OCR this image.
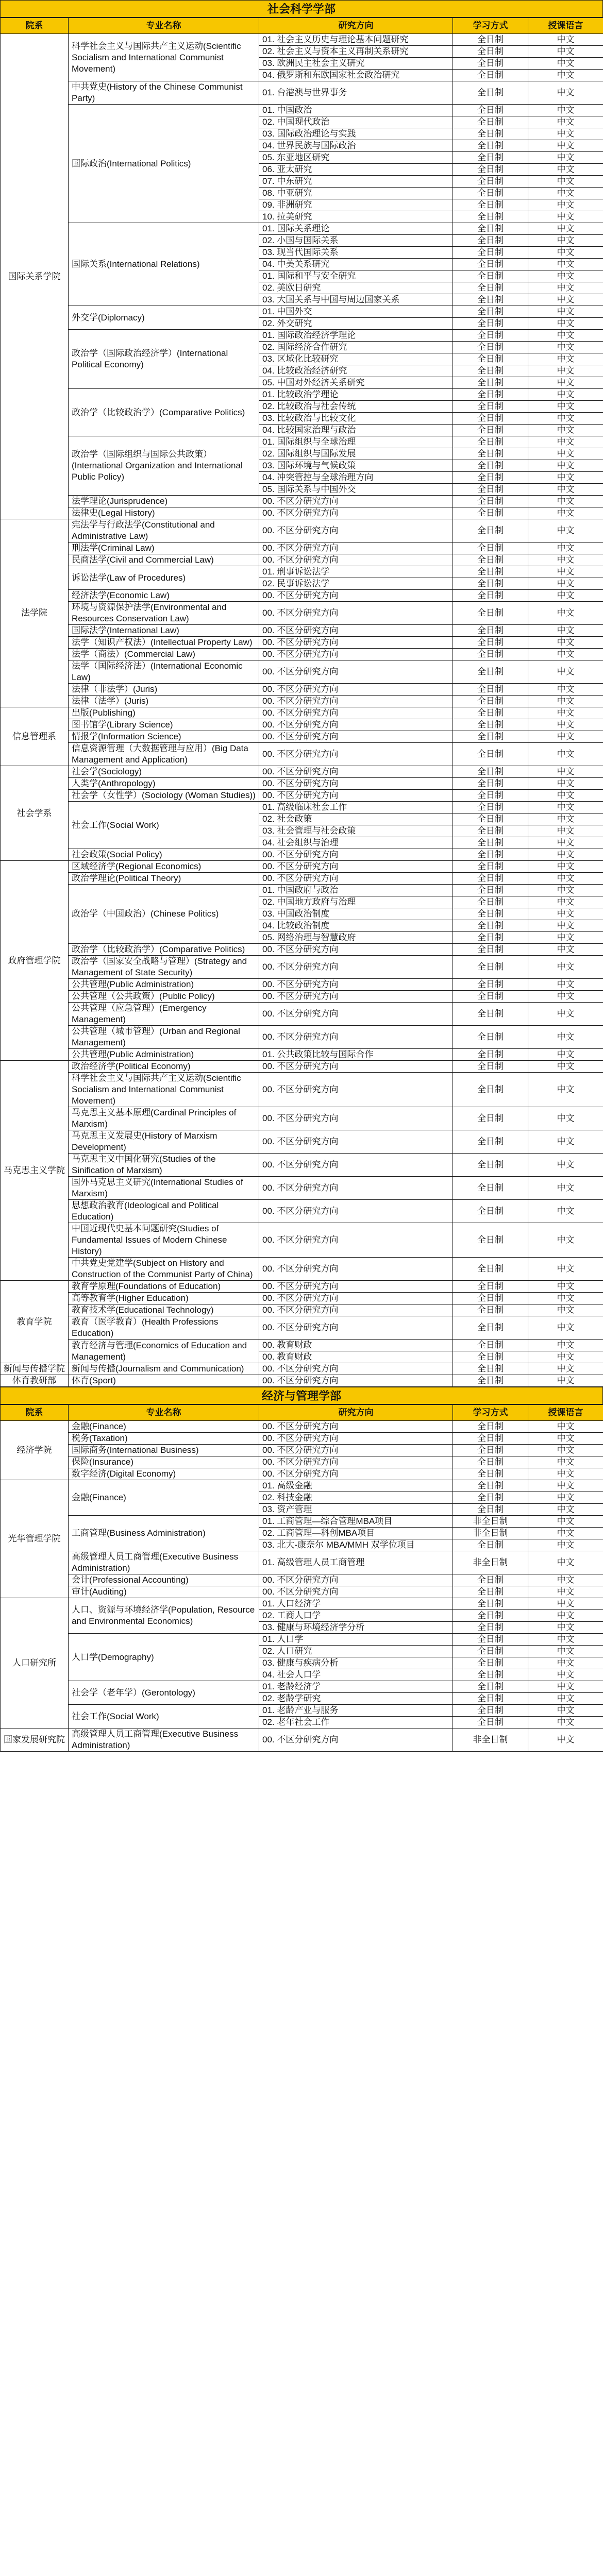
社会科学学部
院系	专业名称	研究方向	学习方式	授课语言
国际关系学院	科学社会主义与国际共产主义运动(Scientific Socialism and International Communist Movement)	01. 社会主义历史与理论基本问题研究	全日制	中文
		02. 社会主义与资本主义再制关系研究	全日制	中文
		03. 欧洲民主社会主义研究	全日制	中文
		04. 俄罗斯和东欧国家社会政治研究	全日制	中文
	中共党史(History of the Chinese Communist Party)	01. 台港澳与世界事务	全日制	中文
	国际政治(International Politics)	01. 中国政治	全日制	中文
		02. 中国现代政治	全日制	中文
		03. 国际政治理论与实践	全日制	中文
		04. 世界民族与国际政治	全日制	中文
		05. 东亚地区研究	全日制	中文
		06. 亚太研究	全日制	中文
		07. 中东研究	全日制	中文
		08. 中亚研究	全日制	中文
		09. 非洲研究	全日制	中文
		10. 拉美研究	全日制	中文
	国际关系(International Relations)	01. 国际关系理论	全日制	中文
		02. 小国与国际关系	全日制	中文
		03. 现当代国际关系	全日制	中文
		04. 中美关系研究	全日制	中文
		01. 国际和平与安全研究	全日制	中文
		02. 美欧日研究	全日制	中文
		03. 大国关系与中国与周边国家关系	全日制	中文
	外交学(Diplomacy)	01. 中国外交	全日制	中文
		02. 外交研究	全日制	中文
	政治学（国际政治经济学）(International Political Economy)	01. 国际政治经济学理论	全日制	中文
		02. 国际经济合作研究	全日制	中文
		03. 区域化比较研究	全日制	中文
		04. 比较政治经济研究	全日制	中文
		05. 中国对外经济关系研究	全日制	中文
	政治学（比较政治学）(Comparative Politics)	01. 比较政治学理论	全日制	中文
		02. 比较政治与社会传统	全日制	中文
		03. 比较政治与比较文化	全日制	中文
		04. 比较国家治理与政治	全日制	中文
	政治学（国际组织与国际公共政策）(International Organization and International Public Policy)	01. 国际组织与全球治理	全日制	中文
		02. 国际组织与国际发展	全日制	中文
		03. 国际环境与气候政策	全日制	中文
		04. 冲突管控与全球治理方向	全日制	中文
		05. 国际关系与中国外交	全日制	中文
	法学理论(Jurisprudence)	00. 不区分研究方向	全日制	中文
	法律史(Legal History)	00. 不区分研究方向	全日制	中文
法学院	宪法学与行政法学(Constitutional and Administrative Law)	00. 不区分研究方向	全日制	中文
	刑法学(Criminal Law)	00. 不区分研究方向	全日制	中文
	民商法学(Civil and Commercial Law)	00. 不区分研究方向	全日制	中文
	诉讼法学(Law of Procedures)	01. 刑事诉讼法学	全日制	中文
		02. 民事诉讼法学	全日制	中文
	经济法学(Economic Law)	00. 不区分研究方向	全日制	中文
	环境与资源保护法学(Environmental and Resources Conservation Law)	00. 不区分研究方向	全日制	中文
	国际法学(International Law)	00. 不区分研究方向	全日制	中文
	法学（知识产权法）(Intellectual Property Law)	00. 不区分研究方向	全日制	中文
	法学（商法）(Commercial Law)	00. 不区分研究方向	全日制	中文
	法学（国际经济法）(International Economic Law)	00. 不区分研究方向	全日制	中文
	法律（非法学）(Juris)	00. 不区分研究方向	全日制	中文
	法律（法学）(Juris)	00. 不区分研究方向	全日制	中文
信息管理系	出版(Publishing)	00. 不区分研究方向	全日制	中文
	图书馆学(Library Science)	00. 不区分研究方向	全日制	中文
	情报学(Information Science)	00. 不区分研究方向	全日制	中文
	信息资源管理（大数据管理与应用）(Big Data Management and Application)	00. 不区分研究方向	全日制	中文
社会学系	社会学(Sociology)	00. 不区分研究方向	全日制	中文
	人类学(Anthropology)	00. 不区分研究方向	全日制	中文
	社会学（女性学）(Sociology (Woman Studies))	00. 不区分研究方向	全日制	中文
	社会工作(Social Work)	01. 高级临床社会工作	全日制	中文
		02. 社会政策	全日制	中文
		03. 社会管理与社会政策	全日制	中文
		04. 社会组织与治理	全日制	中文
	社会政策(Social Policy)	00. 不区分研究方向	全日制	中文
政府管理学院	区域经济学(Regional Economics)	00. 不区分研究方向	全日制	中文
	政治学理论(Political Theory)	00. 不区分研究方向	全日制	中文
	政治学（中国政治）(Chinese Politics)	01. 中国政府与政治	全日制	中文
		02. 中国地方政府与治理	全日制	中文
		03. 中国政治制度	全日制	中文
		04. 比较政治制度	全日制	中文
		05. 网络治理与智慧政府	全日制	中文
	政治学（比较政治学）(Comparative Politics)	00. 不区分研究方向	全日制	中文
	政治学（国家安全战略与管理）(Strategy and Management of State Security)	00. 不区分研究方向	全日制	中文
	公共管理(Public Administration)	00. 不区分研究方向	全日制	中文
	公共管理（公共政策）(Public Policy)	00. 不区分研究方向	全日制	中文
	公共管理（应急管理）(Emergency Management)	00. 不区分研究方向	全日制	中文
	公共管理（城市管理）(Urban and Regional Management)	00. 不区分研究方向	全日制	中文
	公共管理(Public Administration)	01. 公共政策比较与国际合作	全日制	中文
马克思主义学院	政治经济学(Political Economy)	00. 不区分研究方向	全日制	中文
	科学社会主义与国际共产主义运动(Scientific Socialism and International Communist Movement)	00. 不区分研究方向	全日制	中文
	马克思主义基本原理(Cardinal Principles of Marxism)	00. 不区分研究方向	全日制	中文
	马克思主义发展史(History of Marxism Development)	00. 不区分研究方向	全日制	中文
	马克思主义中国化研究(Studies of the Sinification of Marxism)	00. 不区分研究方向	全日制	中文
	国外马克思主义研究(International Studies of Marxism)	00. 不区分研究方向	全日制	中文
	思想政治教育(Ideological and Political Education)	00. 不区分研究方向	全日制	中文
	中国近现代史基本问题研究(Studies of Fundamental Issues of Modern Chinese History)	00. 不区分研究方向	全日制	中文
	中共党史党建学(Subject on History and Construction of the Communist Party of China)	00. 不区分研究方向	全日制	中文
教育学院	教育学原理(Foundations of Education)	00. 不区分研究方向	全日制	中文
	高等教育学(Higher Education)	00. 不区分研究方向	全日制	中文
	教育技术学(Educational Technology)	00. 不区分研究方向	全日制	中文
	教育（医学教育）(Health Professions Education)	00. 不区分研究方向	全日制	中文
	教育经济与管理(Economics of Education and Management)	00. 教育财政	全日制	中文
		00. 教育财政	全日制	中文
新闻与传播学院	新闻与传播(Journalism and Communication)	00. 不区分研究方向	全日制	中文
体育教研部	体育(Sport)	00. 不区分研究方向	全日制	中文
经济与管理学部
院系	专业名称	研究方向	学习方式	授课语言
经济学院	金融(Finance)	00. 不区分研究方向	全日制	中文
	税务(Taxation)	00. 不区分研究方向	全日制	中文
	国际商务(International Business)	00. 不区分研究方向	全日制	中文
	保险(Insurance)	00. 不区分研究方向	全日制	中文
	数字经济(Digital Economy)	00. 不区分研究方向	全日制	中文
光华管理学院	金融(Finance)	01. 高级金融	全日制	中文
		02. 科技金融	全日制	中文
		03. 资产管理	全日制	中文
	工商管理(Business Administration)	01. 工商管理—综合管理MBA项目	非全日制	中文
		02. 工商管理—科创MBA项目	非全日制	中文
		03. 北大-康奈尔 MBA/MMH 双学位项目	全日制	中文
	高级管理人员工商管理(Executive Business Administration)	01. 高级管理人员工商管理	非全日制	中文
	会计(Professional Accounting)	00. 不区分研究方向	全日制	中文
	审计(Auditing)	00. 不区分研究方向	全日制	中文
人口研究所	人口、资源与环境经济学(Population, Resource and Environmental Economics)	01. 人口经济学	全日制	中文
		02. 工商人口学	全日制	中文
		03. 健康与环境经济学分析	全日制	中文
	人口学(Demography)	01. 人口学	全日制	中文
		02. 人口研究	全日制	中文
		03. 健康与疾病分析	全日制	中文
		04. 社会人口学	全日制	中文
	社会学（老年学）(Gerontology)	01. 老龄经济学	全日制	中文
		02. 老龄学研究	全日制	中文
	社会工作(Social Work)	01. 老龄产业与服务	全日制	中文
		02. 老年社会工作	全日制	中文
国家发展研究院	高级管理人员工商管理(Executive Business Administration)	00. 不区分研究方向	非全日制	中文
